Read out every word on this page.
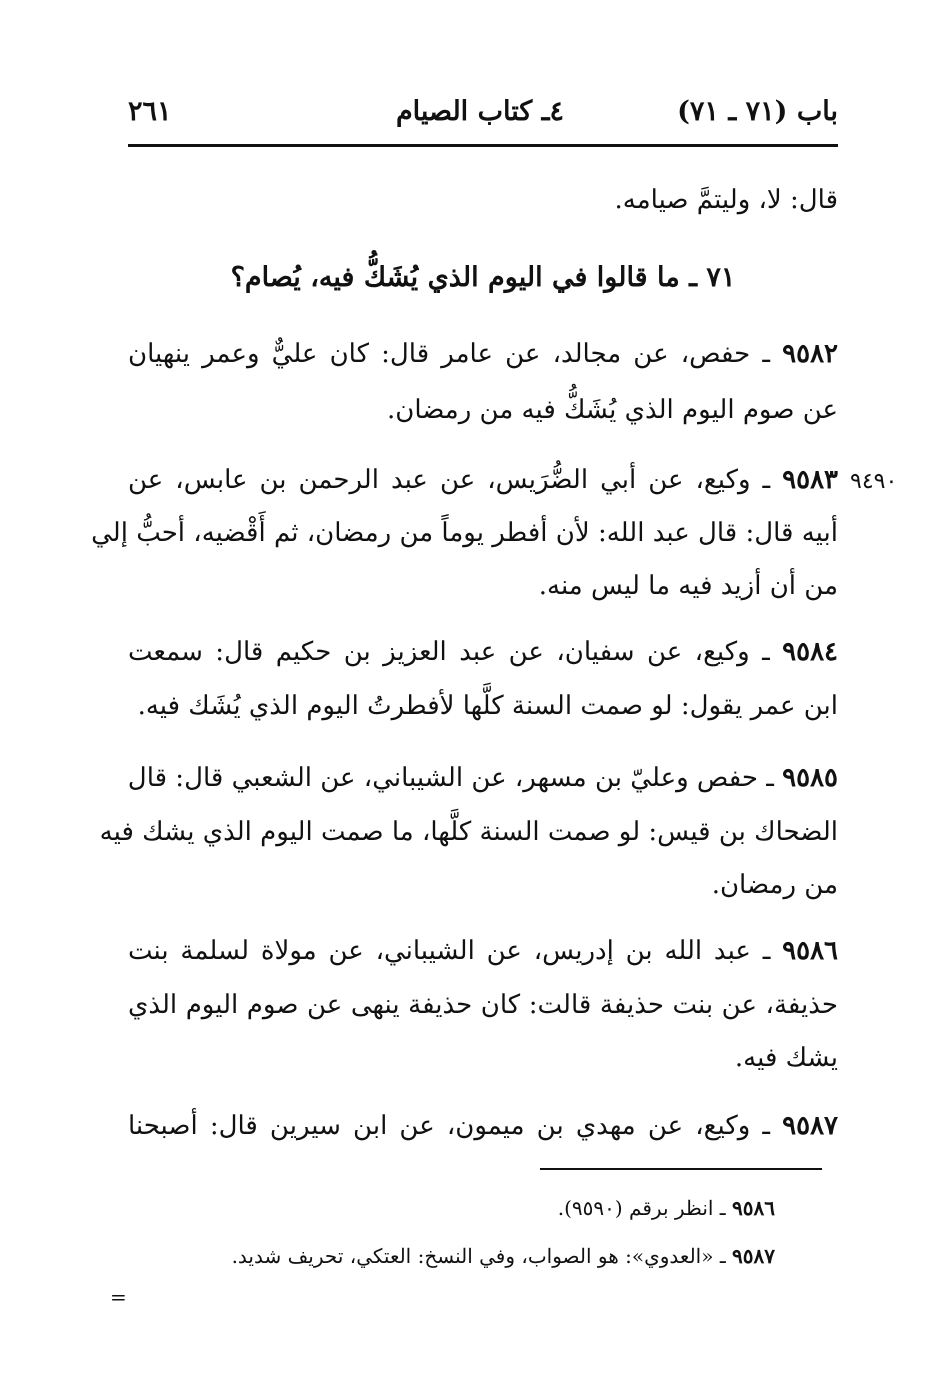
باب (٧١ ـ ٧١)
٤ـ كتاب الصيام
٢٦١
قال: لا، وليتمَّ صيامه.
٧١ ـ ما قالوا في اليوم الذي يُشَكُّ فيه، يُصام؟
٩٥٨٢ ـ حفص، عن مجالد، عن عامر قال: كان عليٌّ وعمر ينهيان
عن صوم اليوم الذي يُشَكُّ فيه من رمضان.
٩٤٩٠
٩٥٨٣ ـ وكيع، عن أبي الضُّرَيس، عن عبد الرحمن بن عابس، عن
أبيه قال: قال عبد الله: لأن أفطر يوماً من رمضان، ثم أَقْضيه، أحبُّ إلي
من أن أزيد فيه ما ليس منه.
٩٥٨٤ ـ وكيع، عن سفيان، عن عبد العزيز بن حكيم قال: سمعت
ابن عمر يقول: لو صمت السنة كلَّها لأفطرتُ اليوم الذي يُشَك فيه.
٩٥٨٥ ـ حفص وعليّ بن مسهر، عن الشيباني، عن الشعبي قال: قال
الضحاك بن قيس: لو صمت السنة كلَّها، ما صمت اليوم الذي يشك فيه
من رمضان.
٩٥٨٦ ـ عبد الله بن إدريس، عن الشيباني، عن مولاة لسلمة بنت
حذيفة، عن بنت حذيفة قالت: كان حذيفة ينهى عن صوم اليوم الذي
يشك فيه.
٩٥٨٧ ـ وكيع، عن مهدي بن ميمون، عن ابن سيرين قال: أصبحنا
٩٥٨٦ ـ انظر برقم (٩٥٩٠).
٩٥٨٧ ـ «العدوي»: هو الصواب، وفي النسخ: العتكي، تحريف شديد.
=
